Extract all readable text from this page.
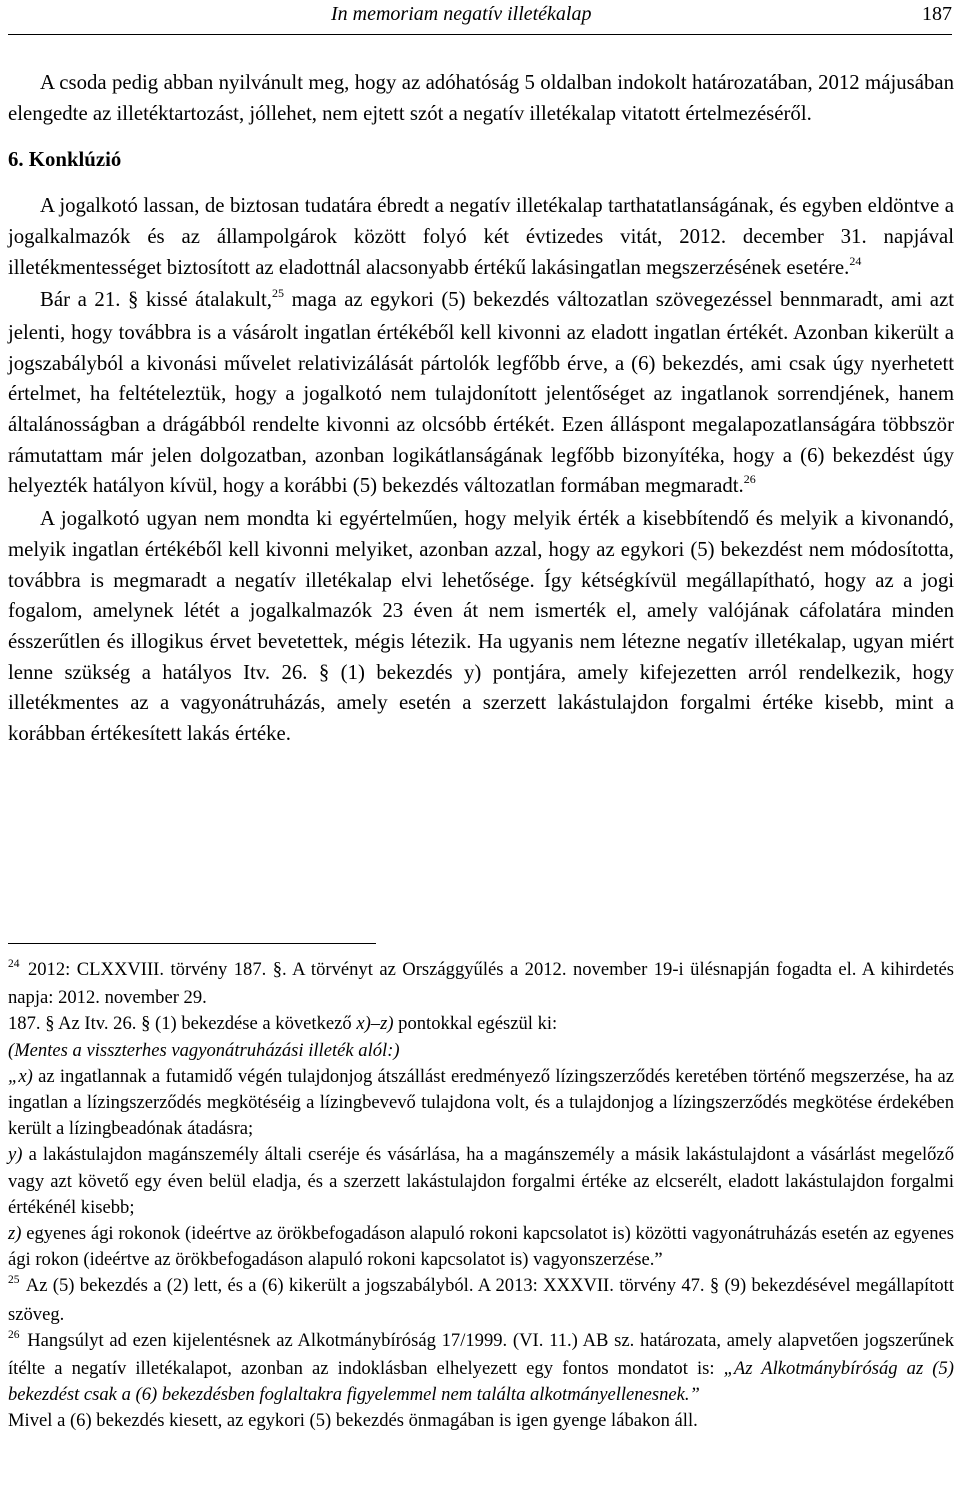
In memoriam negatív illetékalap	187

A csoda pedig abban nyilvánult meg, hogy az adóhatóság 5 oldalban indokolt határozatában, 2012 májusában elengedte az illetéktartozást, jóllehet, nem ejtett szót a negatív illetékalap vitatott értelmezéséről.

6. Konklúzió

A jogalkotó lassan, de biztosan tudatára ébredt a negatív illetékalap tarthatatlanságának, és egyben eldöntve a jogalkalmazók és az állampolgárok között folyó két évtizedes vitát, 2012. december 31. napjával illetékmentességet biztosított az eladottnál alacsonyabb értékű lakásingatlan megszerzésének esetére.$^{24}$

Bár a 21. § kissé átalakult,$^{25}$ maga az egykori (5) bekezdés változatlan szövegezéssel bennmaradt, ami azt jelenti, hogy továbbra is a vásárolt ingatlan értékéből kell kivonni az eladott ingatlan értékét. Azonban kikerült a jogszabályból a kivonási művelet relativizálását pártolók legfőbb érve, a (6) bekezdés, ami csak úgy nyerhetett értelmet, ha feltételeztük, hogy a jogalkotó nem tulajdonított jelentőséget az ingatlanok sorrendjének, hanem általánosságban a drágábból rendelte kivonni az olcsóbb értékét. Ezen álláspont megalapozatlanságára többször rámutattam már jelen dolgozatban, azonban logikátlanságának legfőbb bizonyítéka, hogy a (6) bekezdést úgy helyezték hatályon kívül, hogy a korábbi (5) bekezdés változatlan formában megmaradt.$^{26}$

A jogalkotó ugyan nem mondta ki egyértelműen, hogy melyik érték a kisebbítendő és melyik a kivonandó, melyik ingatlan értékéből kell kivonni melyiket, azonban azzal, hogy az egykori (5) bekezdést nem módosította, továbbra is megmaradt a negatív illetékalap elvi lehetősége. Így kétségkívül megállapítható, hogy az a jogi fogalom, amelynek létét a jogalkalmazók 23 éven át nem ismerték el, amely valójának cáfolatára minden ésszerűtlen és illogikus érvet bevetettek, mégis létezik. Ha ugyanis nem létezne negatív illetékalap, ugyan miért lenne szükség a hatályos Itv. 26. § (1) bekezdés y) pontjára, amely kifejezetten arról rendelkezik, hogy illetékmentes az a vagyonátruházás, amely esetén a szerzett lakástulajdon forgalmi értéke kisebb, mint a korábban értékesített lakás értéke.

$^{24}$ 2012: CLXXVIII. törvény 187. §. A törvényt az Országgyűlés a 2012. november 19-i ülésnapján fogadta el. A kihirdetés napja: 2012. november 29.

187. § Az Itv. 26. § (1) bekezdése a következő x)–z) pontokkal egészül ki:

(Mentes a visszterhes vagyonátruházási illeték alól:)

„x) az ingatlannak a futamidő végén tulajdonjog átszállást eredményező lízingszerződés keretében történő megszerzése, ha az ingatlan a lízingszerződés megkötéséig a lízingbevevő tulajdona volt, és a tulajdonjog a lízingszerződés megkötése érdekében került a lízingbeadónak átadásra;

y) a lakástulajdon magánszemély általi cseréje és vásárlása, ha a magánszemély a másik lakástulajdont a vásárlást megelőző vagy azt követő egy éven belül eladja, és a szerzett lakástulajdon forgalmi értéke az elcserélt, eladott lakástulajdon forgalmi értékénél kisebb;

z) egyenes ági rokonok (ideértve az örökbefogadáson alapuló rokoni kapcsolatot is) közötti vagyonátruházás esetén az egyenes ági rokon (ideértve az örökbefogadáson alapuló rokoni kapcsolatot is) vagyonszerzése.”

$^{25}$ Az (5) bekezdés a (2) lett, és a (6) kikerült a jogszabályból. A 2013: XXXVII. törvény 47. § (9) bekezdésével megállapított szöveg.

$^{26}$ Hangsúlyt ad ezen kijelentésnek az Alkotmánybíróság 17/1999. (VI. 11.) AB sz. határozata, amely alapvetően jogszerűnek ítélte a negatív illetékalapot, azonban az indoklásban elhelyezett egy fontos mondatot is: „Az Alkotmánybíróság az (5) bekezdést csak a (6) bekezdésben foglaltakra figyelemmel nem találta alkotmányellenesnek.”

Mivel a (6) bekezdés kiesett, az egykori (5) bekezdés önmagában is igen gyenge lábakon áll.
